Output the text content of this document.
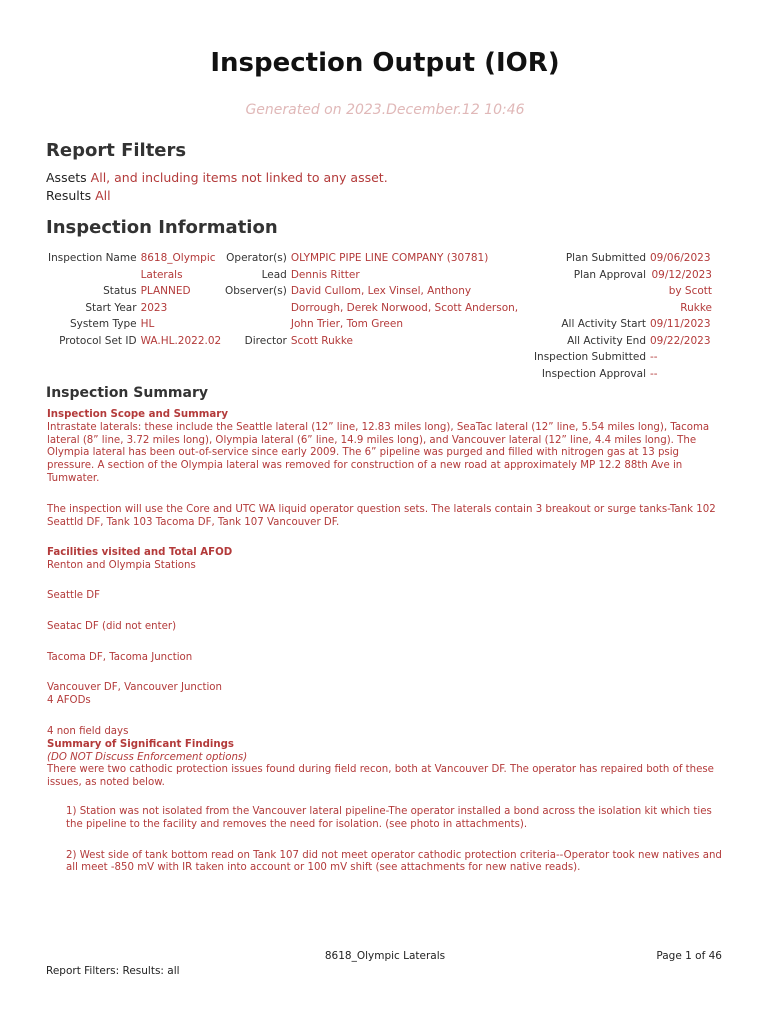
Inspection Output (IOR)
Generated on 2023.December.12 10:46
Report Filters
Assets All, and including items not linked to any asset.
Results All
Inspection Information
Inspection Name	8618_Olympic Laterals
Status	PLANNED
Start Year	2023
System Type	HL
Protocol Set ID	WA.HL.2022.02
Operator(s)	OLYMPIC PIPE LINE COMPANY (30781)
Lead	Dennis Ritter
Observer(s)	David Cullom, Lex Vinsel, Anthony Dorrough, Derek Norwood, Scott Anderson, John Trier, Tom Green
Director	Scott Rukke
Plan Submitted	09/06/2023
Plan Approval	09/12/2023 by Scott Rukke
All Activity Start	09/11/2023
All Activity End	09/22/2023
Inspection Submitted	--
Inspection Approval	--
Inspection Summary

Inspection Scope and Summary

Intrastate laterals: these include the Seattle lateral (12” line, 12.83 miles long), SeaTac lateral (12” line, 5.54 miles long), Tacoma lateral (8” line, 3.72 miles long), Olympia lateral (6” line, 14.9 miles long), and Vancouver lateral (12” line, 4.4 miles long). The Olympia lateral has been out-of-service since early 2009. The 6” pipeline was purged and filled with nitrogen gas at 13 psig pressure. A section of the Olympia lateral was removed for construction of a new road at approximately MP 12.2 88th Ave in Tumwater.

The inspection will use the Core and UTC WA liquid operator question sets. The laterals contain 3 breakout or surge tanks-Tank 102 Seattld DF, Tank 103 Tacoma DF, Tank 107 Vancouver DF.

Facilities visited and Total AFOD

Renton and Olympia Stations

Seattle DF

Seatac DF (did not enter)

Tacoma DF, Tacoma Junction

Vancouver DF, Vancouver Junction

4 AFODs

4 non field days

Summary of Significant Findings

(DO NOT Discuss Enforcement options)

There were two cathodic protection issues found during field recon, both at Vancouver DF. The operator has repaired both of these issues, as noted below.

1) Station was not isolated from the Vancouver lateral pipeline-The operator installed a bond across the isolation kit which ties the pipeline to the facility and removes the need for isolation. (see photo in attachments).

2) West side of tank bottom read on Tank 107 did not meet operator cathodic protection criteria--Operator took new natives and all meet -850 mV with IR taken into account or 100 mV shift (see attachments for new native reads).

8618_Olympic Laterals	Page 1 of 46
Report Filters: Results: all
